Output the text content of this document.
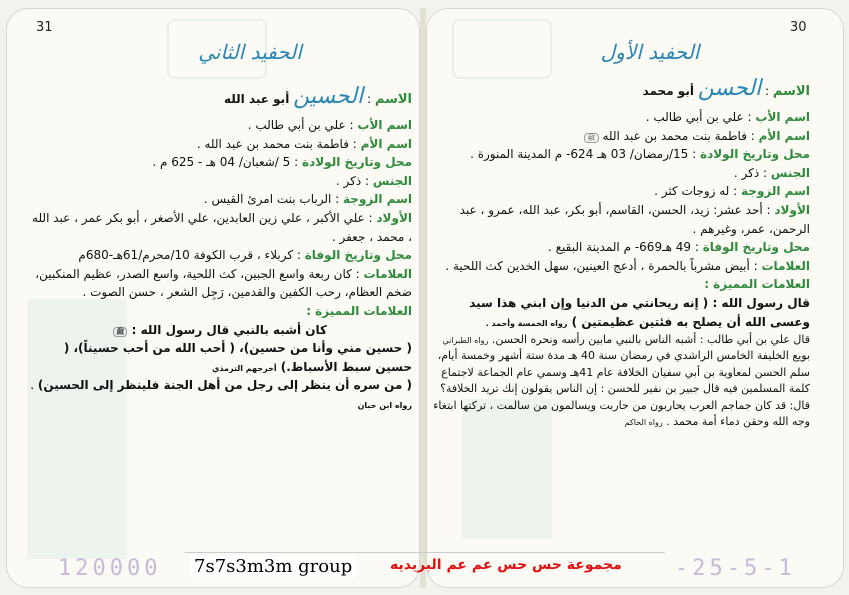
31
الحفيد الثاني
الاسم : الحسين أبو عبد الله
اسم الأب : علي بن أبي طالب .
اسم الأم : فاطمة بنت محمد بن عبد الله .
محل وتاريخ الولادة : 5 /شعبان/ 04 هـ - 625 م .
الجنس : ذكر .
اسم الزوجة : الرباب بنت امرئ القيس .
الأولاد : علي الأكبر ، علي زين العابدين، علي الأصغر ، أبو بكر عمر ، عبد الله ، محمد ، جعفر .
محل وتاريخ الوفاة : كربلاء ، قرب الكوفة 10/محرم/61هـ-680م
العلامات : كان ربعة واسع الجبين، كث اللحية، واسع الصدر، عظيم المنكبين، ضخم العظام، رحب الكفين والقدمين، رَجِل الشعر ، حسن الصوت .
العلامات المميزة :
كان أشبه بالنبي قال رسول الله : ﷺ
( حسين مني وأنا من حسين)، ( أحب الله من أحب حسيناً)، ( حسين سبط الأسباط.) أخرجهم الترمذي
( من سره أن ينظر إلى رجل من أهل الجنة فلينظر إلى الحسين) . رواه ابن حبان
30
الحفيد الأول
الاسم : الحسن أبو محمد
اسم الأب : علي بن أبي طالب .
اسم الأم : فاطمة بنت محمد بن عبد الله ﷺ
محل وتاريخ الولادة : 15/رمضان/ 03 هـ 624- م المدينة المنورة .
الجنس : ذكر .
اسم الزوجة : له زوجات كثر .
الأولاد : أحد عشر: زيد، الحسن، القاسم، أبو بكر، عبد الله، عمرو ، عبد الرحمن، عمر، وغيرهم .
محل وتاريخ الوفاة : 49 هـ669- م المدينة البقيع .
العلامات : أبيض مشرباً بالحمرة ، أدعج العينين، سهل الخدين كث اللحية .
العلامات المميزة :
قال رسول الله : ( إنه ريحانتي من الدنيا وإن ابني هذا سيد وعسى الله أن يصلح به فئتين عظيمتين ) رواه الخمسة وأحمد .
قال علي بن أبي طالب : أشبه الناس بالنبي مابين رأسه ونحره الحسن. رواه الطبراني
بويع الخليفة الخامس الراشدي في رمضان سنة 40 هـ مدة ستة أشهر وخمسة أيام، سلم الحسن لمعاوية بن أبي سفيان الخلافة عام 41هـ وسمي عام الجماعة لاجتماع كلمة المسلمين فيه قال جبير بن نفير للحسن : إن الناس يقولون إنك تريد الخلافة؟ قال: قد كان جماجم العرب يحاربون من حاربت ويسالمون من سالمت ، تركتها ابتغاء وجه الله وحقن دماء أمة محمد . رواه الحاكم
120000 7s7s3m3m group	مجموعة حس حس عم عم البريديه -25-5-1
